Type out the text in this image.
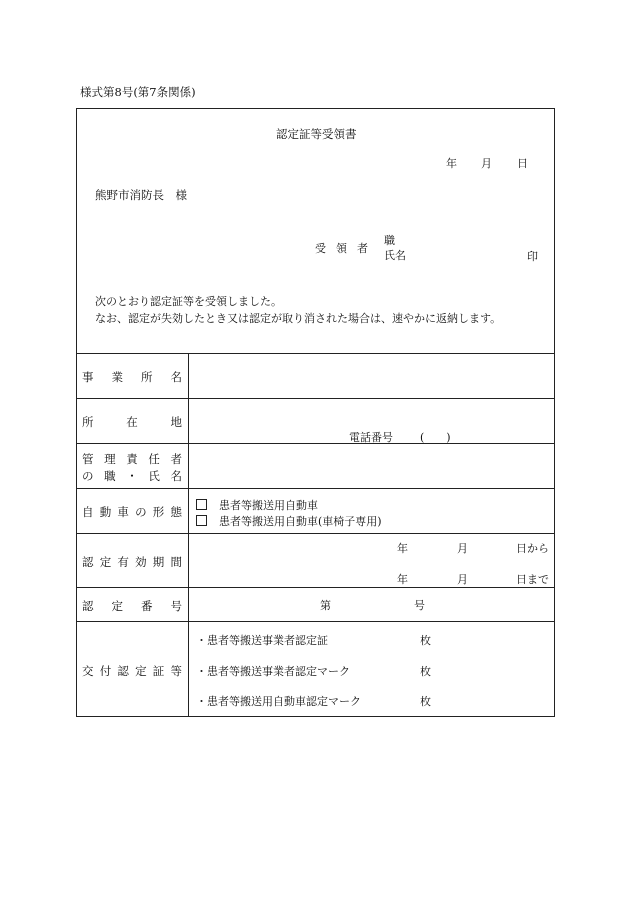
様式第8号(第7条関係)
認定証等受領書
年 月 日
熊野市消防長　様
受領者
職
氏名	印
次のとおり認定証等を受領しました。
なお、認定が失効したとき又は認定が取り消された場合は、速やかに返納します。
事 業 所 名
所	在	地
電話番号 (　　)
管 理 責 任 者
の 職 ・ 氏 名
自 動 車 の 形 態	患者等搬送用自動車
患者等搬送用自動車(車椅子専用)
認 定 有 効 期 間
年	月	日から
年	月	日まで
認 定 番 号	第	号
交 付 認 定 証 等
・患者等搬送事業者認定証	枚
・患者等搬送事業者認定マーク	枚
・患者等搬送用自動車認定マーク	枚
